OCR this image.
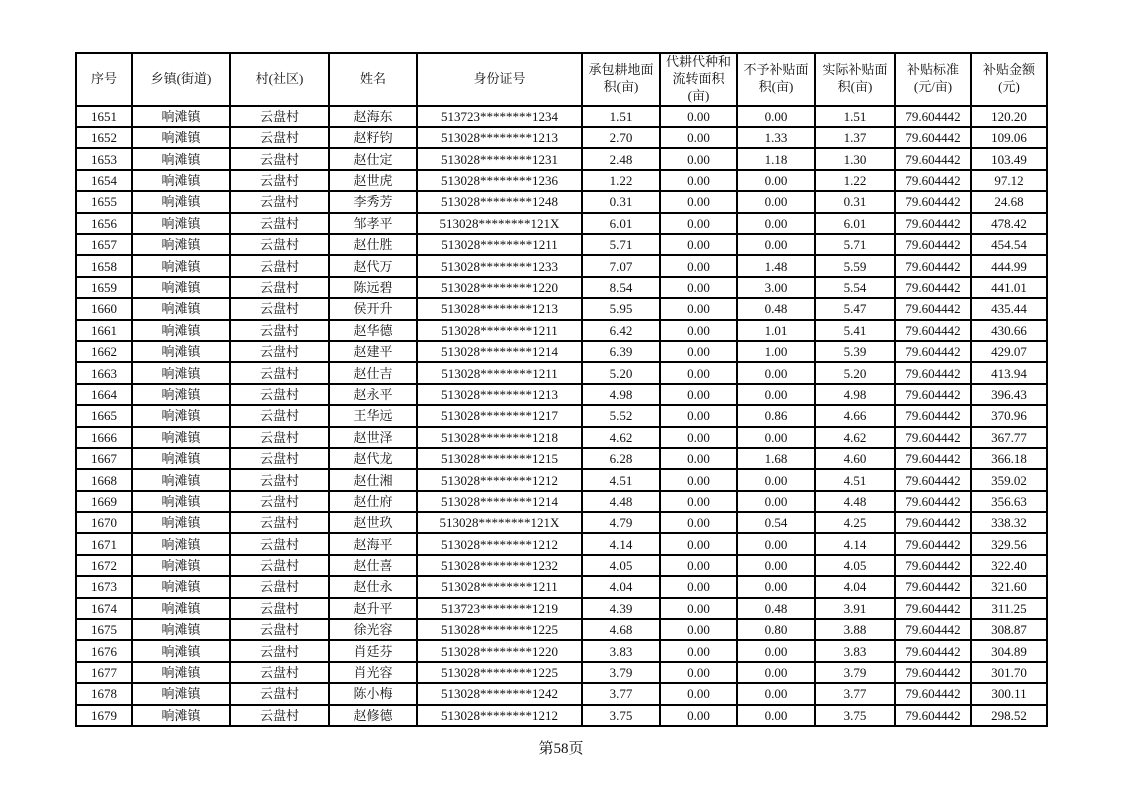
序号	乡镇(街道)	村(社区)	姓名	身份证号	承包耕地面积(亩)	代耕代种和流转面积(亩)	不予补贴面积(亩)	实际补贴面积(亩)	补贴标准(元/亩)	补贴金额(元)
1651	响滩镇	云盘村	赵海东	513723********1234	1.51	0.00	0.00	1.51	79.604442	120.20
1652	响滩镇	云盘村	赵籽钧	513028********1213	2.70	0.00	1.33	1.37	79.604442	109.06
1653	响滩镇	云盘村	赵仕定	513028********1231	2.48	0.00	1.18	1.30	79.604442	103.49
1654	响滩镇	云盘村	赵世虎	513028********1236	1.22	0.00	0.00	1.22	79.604442	97.12
1655	响滩镇	云盘村	李秀芳	513028********1248	0.31	0.00	0.00	0.31	79.604442	24.68
1656	响滩镇	云盘村	邹孝平	513028********121X	6.01	0.00	0.00	6.01	79.604442	478.42
1657	响滩镇	云盘村	赵仕胜	513028********1211	5.71	0.00	0.00	5.71	79.604442	454.54
1658	响滩镇	云盘村	赵代万	513028********1233	7.07	0.00	1.48	5.59	79.604442	444.99
1659	响滩镇	云盘村	陈远碧	513028********1220	8.54	0.00	3.00	5.54	79.604442	441.01
1660	响滩镇	云盘村	侯开升	513028********1213	5.95	0.00	0.48	5.47	79.604442	435.44
1661	响滩镇	云盘村	赵华德	513028********1211	6.42	0.00	1.01	5.41	79.604442	430.66
1662	响滩镇	云盘村	赵建平	513028********1214	6.39	0.00	1.00	5.39	79.604442	429.07
1663	响滩镇	云盘村	赵仕吉	513028********1211	5.20	0.00	0.00	5.20	79.604442	413.94
1664	响滩镇	云盘村	赵永平	513028********1213	4.98	0.00	0.00	4.98	79.604442	396.43
1665	响滩镇	云盘村	王华远	513028********1217	5.52	0.00	0.86	4.66	79.604442	370.96
1666	响滩镇	云盘村	赵世泽	513028********1218	4.62	0.00	0.00	4.62	79.604442	367.77
1667	响滩镇	云盘村	赵代龙	513028********1215	6.28	0.00	1.68	4.60	79.604442	366.18
1668	响滩镇	云盘村	赵仕湘	513028********1212	4.51	0.00	0.00	4.51	79.604442	359.02
1669	响滩镇	云盘村	赵仕府	513028********1214	4.48	0.00	0.00	4.48	79.604442	356.63
1670	响滩镇	云盘村	赵世玖	513028********121X	4.79	0.00	0.54	4.25	79.604442	338.32
1671	响滩镇	云盘村	赵海平	513028********1212	4.14	0.00	0.00	4.14	79.604442	329.56
1672	响滩镇	云盘村	赵仕喜	513028********1232	4.05	0.00	0.00	4.05	79.604442	322.40
1673	响滩镇	云盘村	赵仕永	513028********1211	4.04	0.00	0.00	4.04	79.604442	321.60
1674	响滩镇	云盘村	赵升平	513723********1219	4.39	0.00	0.48	3.91	79.604442	311.25
1675	响滩镇	云盘村	徐光容	513028********1225	4.68	0.00	0.80	3.88	79.604442	308.87
1676	响滩镇	云盘村	肖廷芬	513028********1220	3.83	0.00	0.00	3.83	79.604442	304.89
1677	响滩镇	云盘村	肖光容	513028********1225	3.79	0.00	0.00	3.79	79.604442	301.70
1678	响滩镇	云盘村	陈小梅	513028********1242	3.77	0.00	0.00	3.77	79.604442	300.11
1679	响滩镇	云盘村	赵修德	513028********1212	3.75	0.00	0.00	3.75	79.604442	298.52
第58页
